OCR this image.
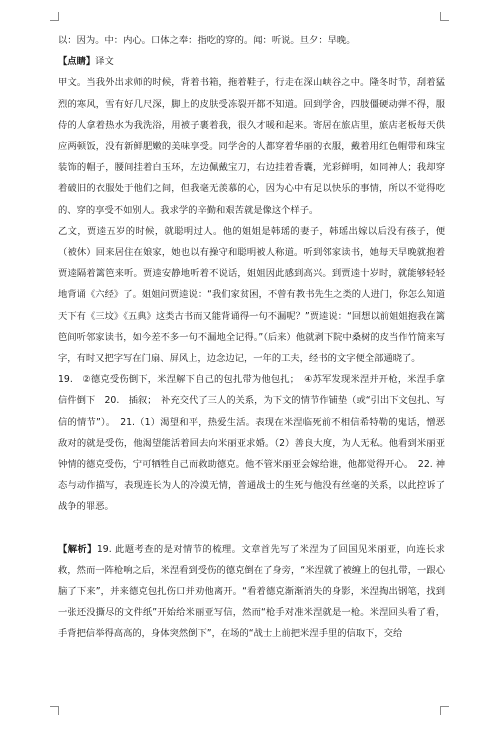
以：因为。中：内心。口体之奉：指吃的穿的。闻：听说。旦夕：早晚。

【点睛】译文

甲文。当我外出求师的时候，背着书箱，拖着鞋子，行走在深山峡谷之中。隆冬时节，刮着猛烈的寒风，雪有好几尺深，脚上的皮肤受冻裂开都不知道。回到学舍，四肢僵硬动弹不得，服侍的人拿着热水为我洗浴，用被子裹着我，很久才暖和起来。寄居在旅店里，旅店老板每天供应两顿饭，没有新鲜肥嫩的美味享受。同学舍的人都穿着华丽的衣服，戴着用红色帽带和珠宝装饰的帽子，腰间挂着白玉环，左边佩戴宝刀，右边挂着香囊，光彩鲜明，如同神人；我却穿着破旧的衣服处于他们之间，但我毫无羡慕的心，因为心中有足以快乐的事情，所以不觉得吃的、穿的享受不如别人。我求学的辛勤和艰苦就是像这个样子。

乙文，贾逵五岁的时候，就聪明过人。他的姐姐是韩瑶的妻子，韩瑶出嫁以后没有孩子，便（被休）回来居住在娘家，她也以有操守和聪明被人称道。听到邻家读书，她每天早晚就抱着贾逵隔着篱笆来听。贾逵安静地听着不说话，姐姐因此感到高兴。到贾逵十岁时，就能够轻轻地背诵《六经》了。姐姐问贾逵说：“我们家贫困，不曾有教书先生之类的人进门，你怎么知道天下有《三坟》《五典》这类古书而又能背诵得一句不漏呢？”贾逵说：“回想以前姐姐抱我在篱笆间听邻家读书，如今差不多一句不漏地全记得。”（后来）他就剥下院中桑树的皮当作竹简来写字，有时又把字写在门扇、屏风上，边念边记，一年的工夫，经书的文字便全部通晓了。

19.　②德克受伤倒下，米涅解下自己的包扎带为他包扎；　④苏军发现米涅并开枪，米涅手拿信件倒下　20.　插叙；　补充交代了三人的关系，为下文的情节作铺垫（或“引出下文包扎、写信的情节”）。　21.（1）渴望和平，热爱生活。表现在米涅临死前不相信希特勒的鬼话，憎恶敌对的就是受伤，他渴望能活着回去向米丽亚求婚。（2）善良大度，为人无私。他看到米丽亚钟情的德克受伤，宁可牺牲自己而救助德克。他不管米丽亚会嫁给谁，他都觉得开心。　22. 神态与动作描写，表现连长为人的冷漠无情，普通战士的生死与他没有丝毫的关系，以此控诉了战争的罪恶。

【解析】19. 此题考查的是对情节的梳理。文章首先写了米涅为了回国见米丽亚，向连长求救，然而一阵枪响之后，米涅看到受伤的德克倒在了身旁，“米涅就了被缠上的包扎带，一跟心脑了下来”，并来德克包扎伤口并劝他离开。“看着德克渐渐消失的身影，米涅掏出钢笔，找到一张还没撕尽的文件纸”开始给米丽亚写信，然而“枪手对准米涅就是一枪。米涅回头看了看，手背把信举得高高的，身体突然倒下”，在场的“战士上前把米涅手里的信取下，交给
